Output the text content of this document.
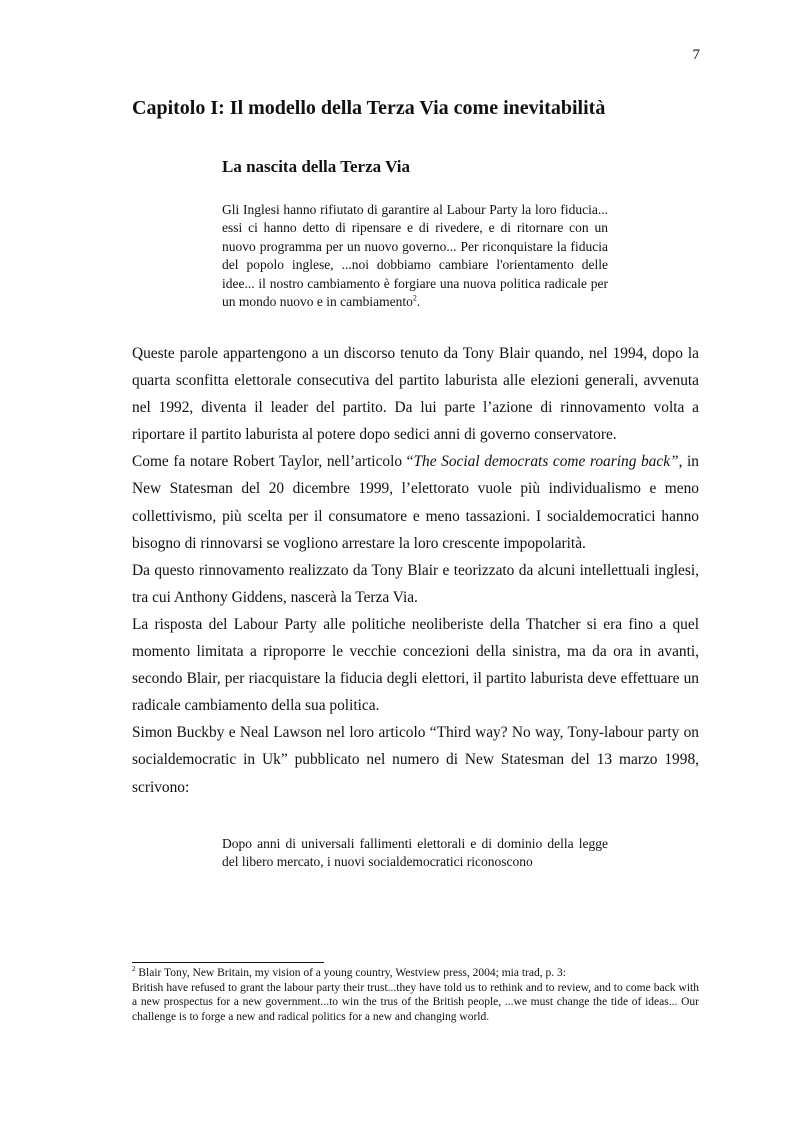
7
Capitolo I: Il modello della Terza Via come inevitabilità
La nascita della Terza Via

Gli Inglesi hanno rifiutato di garantire al Labour Party la loro fiducia... essi ci hanno detto di ripensare e di rivedere, e di ritornare con un nuovo programma per un nuovo governo... Per riconquistare la fiducia del popolo inglese, ...noi dobbiamo cambiare l'orientamento delle idee... il nostro cambiamento è forgiare una nuova politica radicale per un mondo nuovo e in cambiamento$^2$.

Queste parole appartengono a un discorso tenuto da Tony Blair quando, nel 1994, dopo la quarta sconfitta elettorale consecutiva del partito laburista alle elezioni generali, avvenuta nel 1992, diventa il leader del partito. Da lui parte l’azione di rinnovamento volta a riportare il partito laburista al potere dopo sedici anni di governo conservatore.

Come fa notare Robert Taylor, nell’articolo “The Social democrats come roaring back”, in New Statesman del 20 dicembre 1999, l’elettorato vuole più individualismo e meno collettivismo, più scelta per il consumatore e meno tassazioni. I socialdemocratici hanno bisogno di rinnovarsi se vogliono arrestare la loro crescente impopolarità.

Da questo rinnovamento realizzato da Tony Blair e teorizzato da alcuni intellettuali inglesi, tra cui Anthony Giddens, nascerà la Terza Via.

La risposta del Labour Party alle politiche neoliberiste della Thatcher si era fino a quel momento limitata a riproporre le vecchie concezioni della sinistra, ma da ora in avanti, secondo Blair, per riacquistare la fiducia degli elettori, il partito laburista deve effettuare un radicale cambiamento della sua politica.

Simon Buckby e Neal Lawson nel loro articolo “Third way? No way, Tony-labour party on socialdemocratic in Uk” pubblicato nel numero di New Statesman del 13 marzo 1998, scrivono:

Dopo anni di universali fallimenti elettorali e di dominio della legge del libero mercato, i nuovi socialdemocratici riconoscono

$^2$ Blair Tony, New Britain, my vision of a young country, Westview press, 2004; mia trad, p. 3:

British have refused to grant the labour party their trust...they have told us to rethink and to review, and to come back with a new prospectus for a new government...to win the trus of the British people, ...we must change the tide of ideas... Our challenge is to forge a new and radical politics for a new and changing world.
